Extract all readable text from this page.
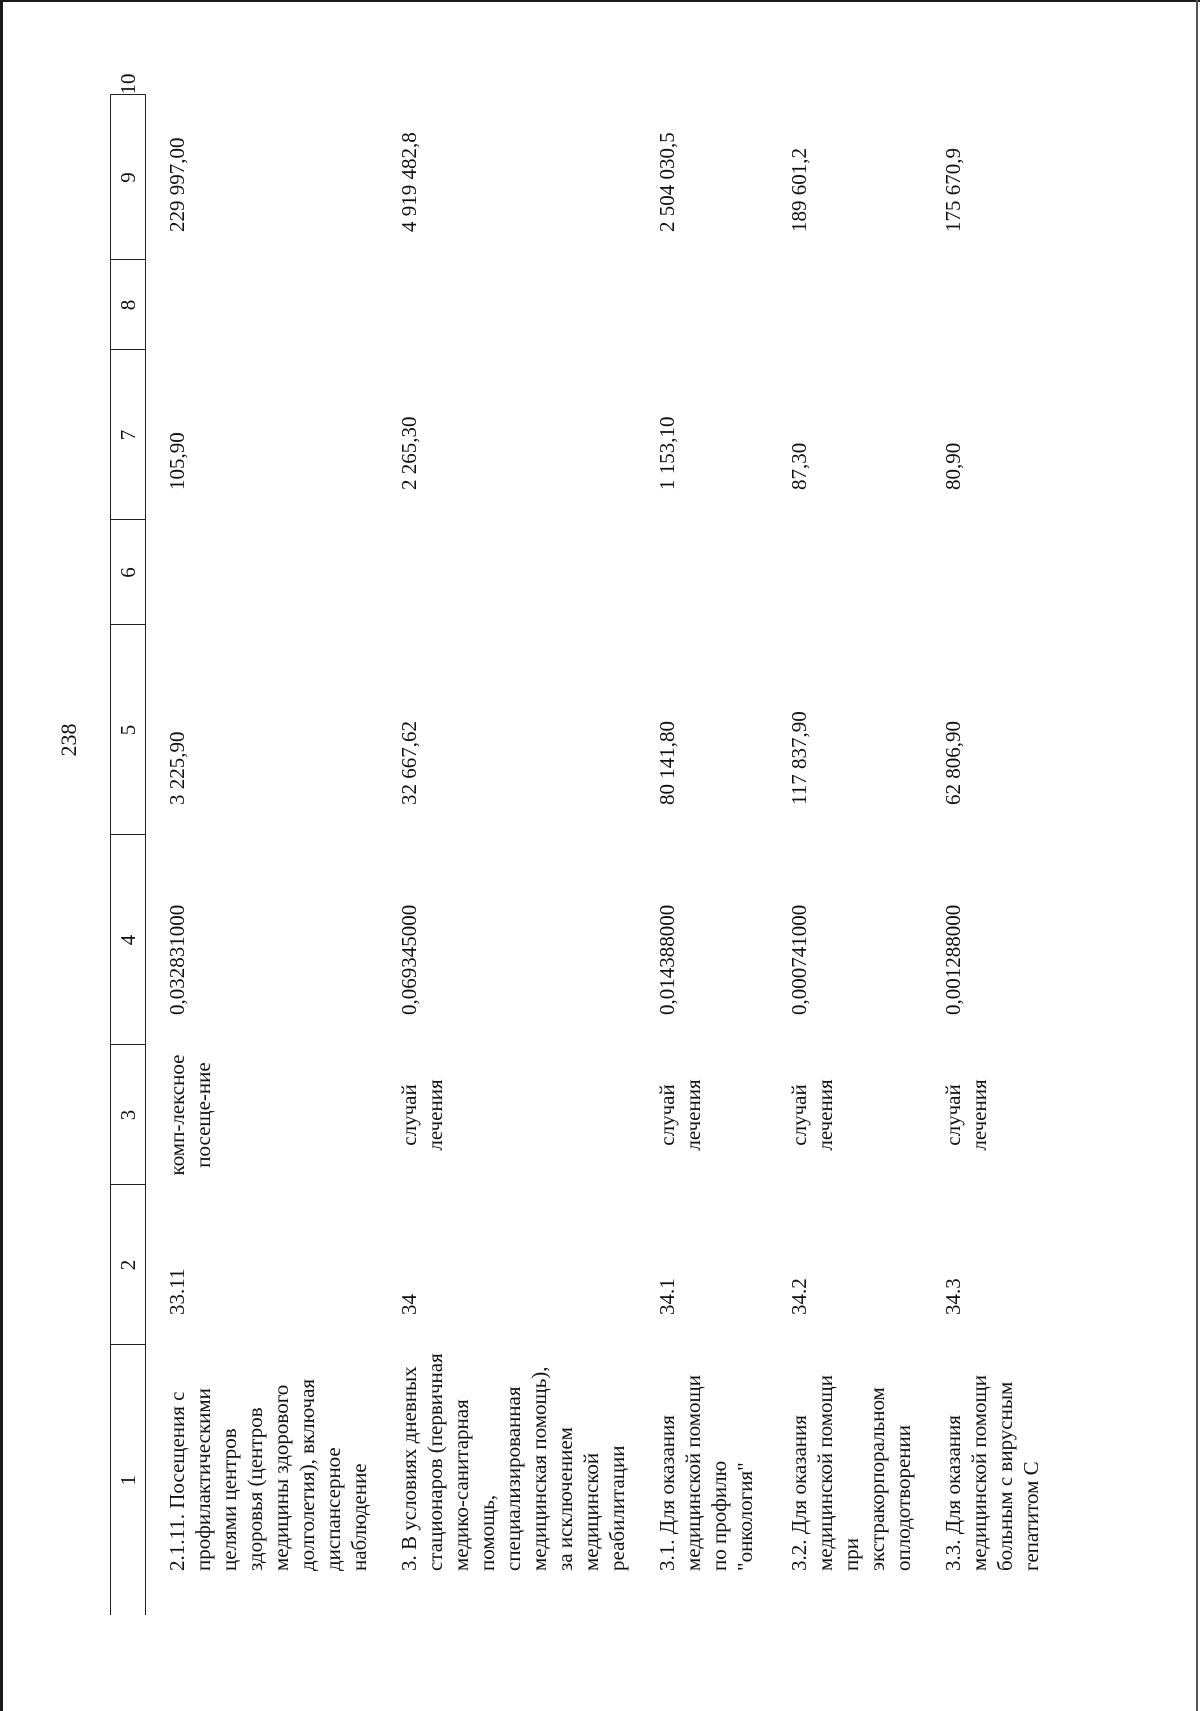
238
1	2	3	4	5	6	7	8	9	10
2.1.11. Посещения с профилактическими целями центров здоровья (центров медицины здорового долголетия), включая диспансерное наблюдение	33.11	комп-лексное посеще-ние	0,032831000	3 225,90		105,90		229 997,00	
3. В условиях дневных стационаров (первичная медико-санитарная помощь, специализированная медицинская помощь), за исключением медицинской реабилитации	34	случай лечения	0,069345000	32 667,62		2 265,30		4 919 482,8	
3.1. Для оказания медицинской помощи по профилю "онкология"	34.1	случай лечения	0,014388000	80 141,80		1 153,10		2 504 030,5	
3.2. Для оказания медицинской помощи при экстракорпоральном оплодотворении	34.2	случай лечения	0,000741000	117 837,90		87,30		189 601,2	
3.3. Для оказания медицинской помощи больным с вирусным гепатитом С	34.3	случай лечения	0,001288000	62 806,90		80,90		175 670,9	
